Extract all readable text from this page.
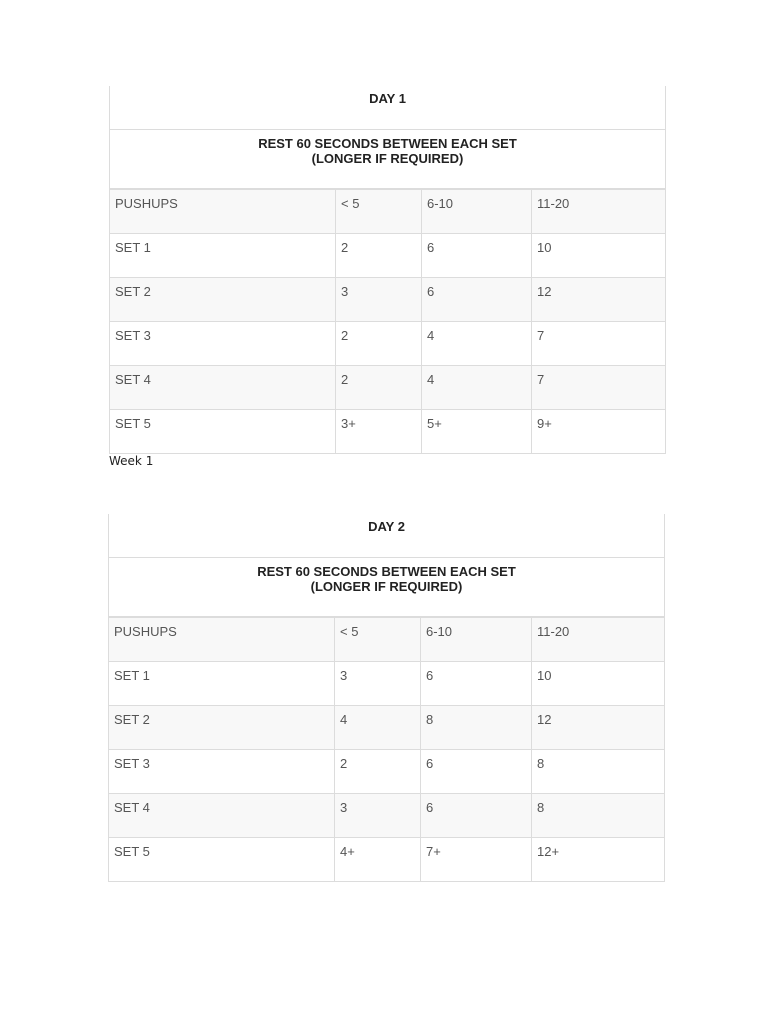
DAY 1			
REST 60 SECONDS BETWEEN EACH SET
(LONGER IF REQUIRED)			
PUSHUPS	< 5	6-10	11-20
SET 1	2	6	10
SET 2	3	6	12
SET 3	2	4	7
SET 4	2	4	7
SET 5	3+	5+	9+
Week 1
DAY 2			
REST 60 SECONDS BETWEEN EACH SET
(LONGER IF REQUIRED)			
PUSHUPS	< 5	6-10	11-20
SET 1	3	6	10
SET 2	4	8	12
SET 3	2	6	8
SET 4	3	6	8
SET 5	4+	7+	12+
